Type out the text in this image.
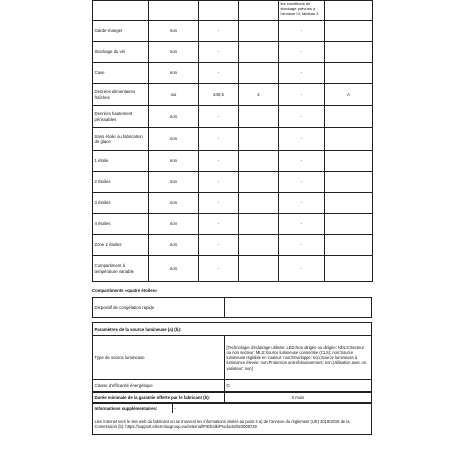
				les conditions de stockage prévues à l'annexe IV, tableau 3	
Garde-manger	non	-		-	
Stockage du vin	non	-		-	
Cave	non	-		-	
Denrées alimentaires fraîches	oui	240,6	4	-	A
Denrées hautement périssables	non	-		-	
Sans étoile ou fabrication de glace	non	-		-	
1 étoile	non	-		-	
2 étoiles	non	-		-	
3 étoiles	non	-		-	
4 étoiles	non	-		-	
Zone 2 étoiles	non	-		-	
Compartiment à température variable	non	-		-	
Compartiments «quatre étoiles»
Dispositif de congélation rapide	
Paramètres de la source lumineuse (a) (b):	
Type de source lumineuse	[Technologie d'éclairage utilisée: LED;Non dirigée ou dirigée: NDLS;Secteur ou non secteur: MLS;Source lumineuse connectée (CLS): non;Source lumineuse réglable en couleur: non;Enveloppe: non;Source lumineuse à luminance élevée: non;Protection anti-éblouissement: non;Utilisation avec un variateur: non]
Classe d'efficacité énergétique	G
Durée minimale de la garantie offerte par le fabricant (b):	0 mois
Informations supplémentaires:	-
Lien internet vers le site web du fabricant où se trouvent les informations visées au point 4 a) de l'annexe du règlement (UE) 2019/2019 de la Commission (b): https://support.electroluxgroup.eu/external/PrEEnlk/Products/923009729
